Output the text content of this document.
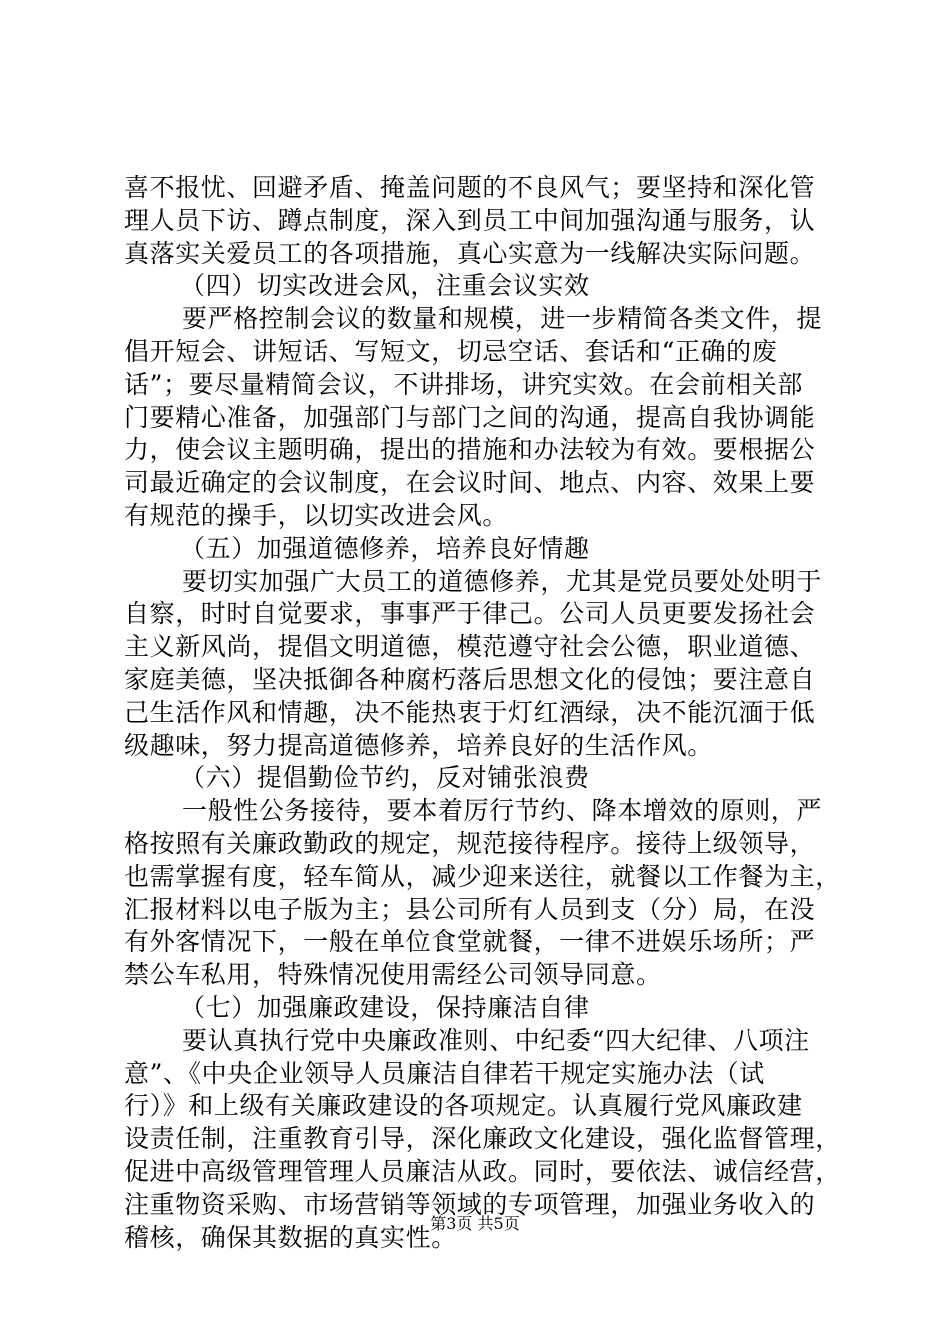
喜不报忧、回避矛盾、掩盖问题的不良风气；要坚持和深化管
理人员下访、蹲点制度，深入到员工中间加强沟通与服务，认
真落实关爱员工的各项措施，真心实意为一线解决实际问题。
（四）切实改进会风，注重会议实效
要严格控制会议的数量和规模，进一步精简各类文件，提
倡开短会、讲短话、写短文，切忌空话、套话和“正确的废
话”；要尽量精简会议，不讲排场，讲究实效。在会前相关部
门要精心准备，加强部门与部门之间的沟通，提高自我协调能
力，使会议主题明确，提出的措施和办法较为有效。要根据公
司最近确定的会议制度，在会议时间、地点、内容、效果上要
有规范的操手，以切实改进会风。
（五）加强道德修养，培养良好情趣
要切实加强广大员工的道德修养，尤其是党员要处处明于
自察，时时自觉要求，事事严于律己。公司人员更要发扬社会
主义新风尚，提倡文明道德，模范遵守社会公德，职业道德、
家庭美德，坚决抵御各种腐朽落后思想文化的侵蚀；要注意自
己生活作风和情趣，决不能热衷于灯红酒绿，决不能沉湎于低
级趣味，努力提高道德修养，培养良好的生活作风。
（六）提倡勤俭节约，反对铺张浪费
一般性公务接待，要本着厉行节约、降本增效的原则，严
格按照有关廉政勤政的规定，规范接待程序。接待上级领导，
也需掌握有度，轻车简从，减少迎来送往，就餐以工作餐为主，
汇报材料以电子版为主；县公司所有人员到支（分）局，在没
有外客情况下，一般在单位食堂就餐，一律不进娱乐场所；严
禁公车私用，特殊情况使用需经公司领导同意。
（七）加强廉政建设，保持廉洁自律
要认真执行党中央廉政准则、中纪委“四大纪律、八项注
意”、《中央企业领导人员廉洁自律若干规定实施办法（试
行）》和上级有关廉政建设的各项规定。认真履行党风廉政建
设责任制，注重教育引导，深化廉政文化建设，强化监督管理，
促进中高级管理管理人员廉洁从政。同时，要依法、诚信经营，
注重物资采购、市场营销等领域的专项管理，加强业务收入的
稽核，确保其数据的真实性。
第3页 共5页
